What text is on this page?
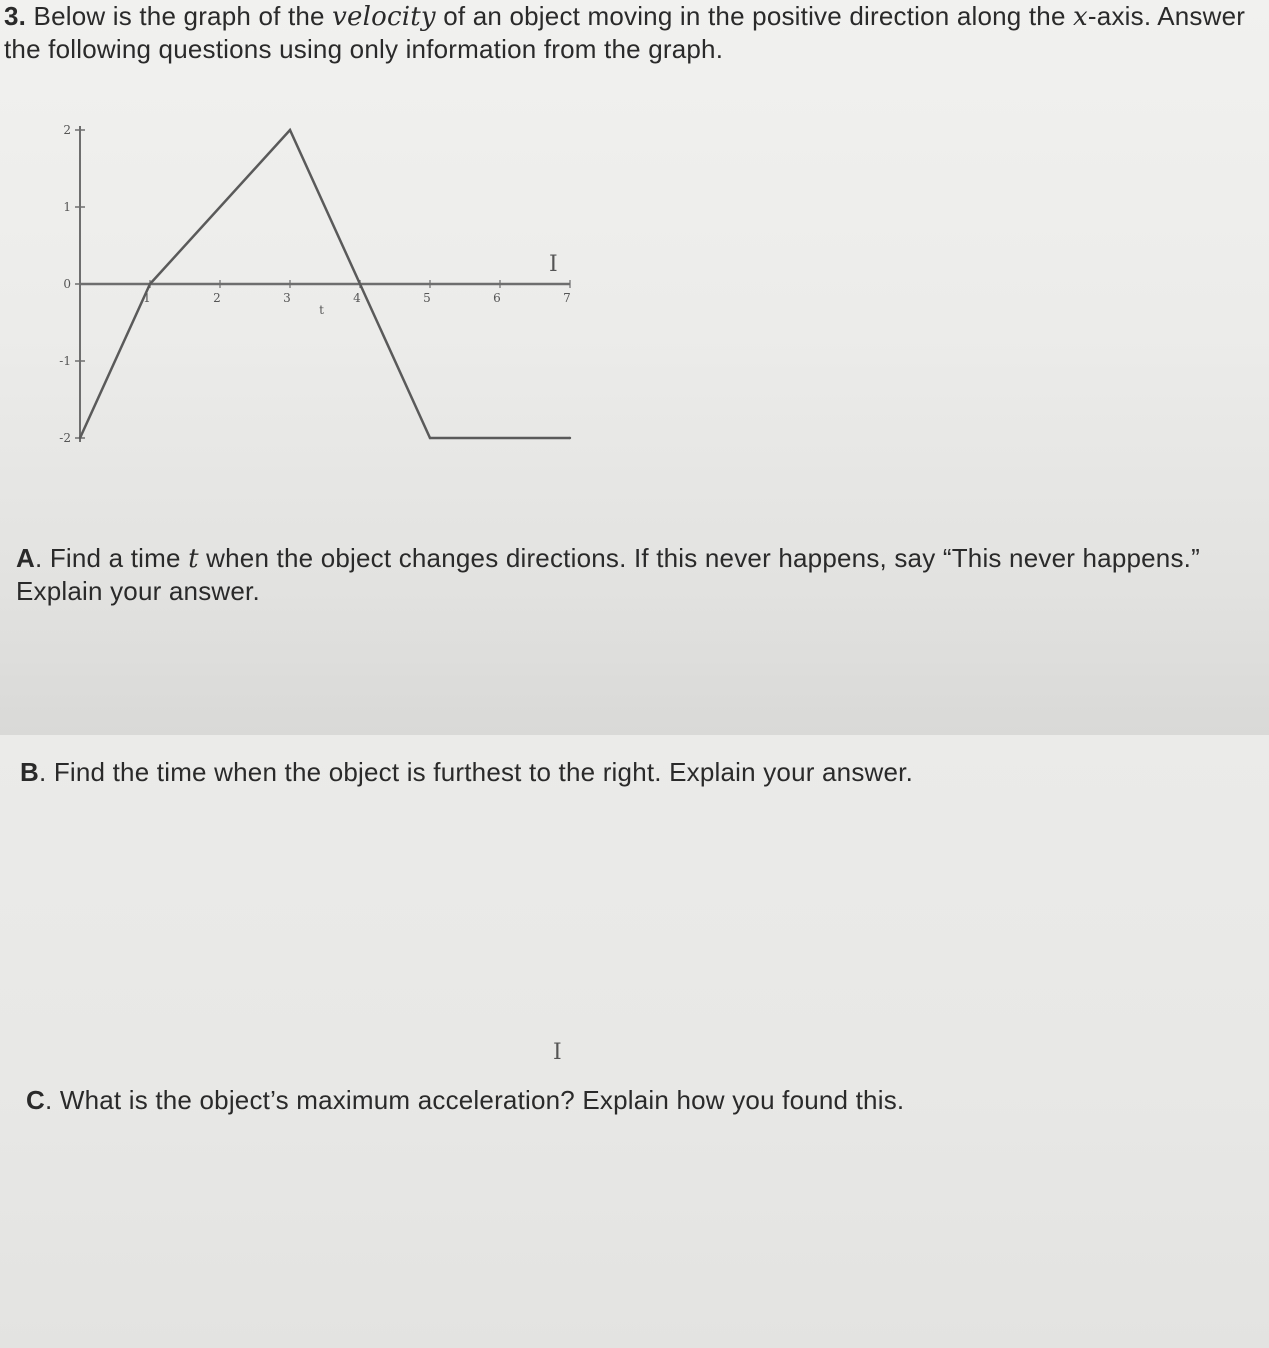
3. Below is the graph of the velocity of an object moving in the positive direction along the x-axis. Answer the following questions using only information from the graph.

2
1
0
-1
-2
1	2	3	4	5	6	7
t
I

A. Find a time t when the object changes directions. If this never happens, say “This never happens.” Explain your answer.

B. Find the time when the object is furthest to the right. Explain your answer.

I

C. What is the object’s maximum acceleration? Explain how you found this.
